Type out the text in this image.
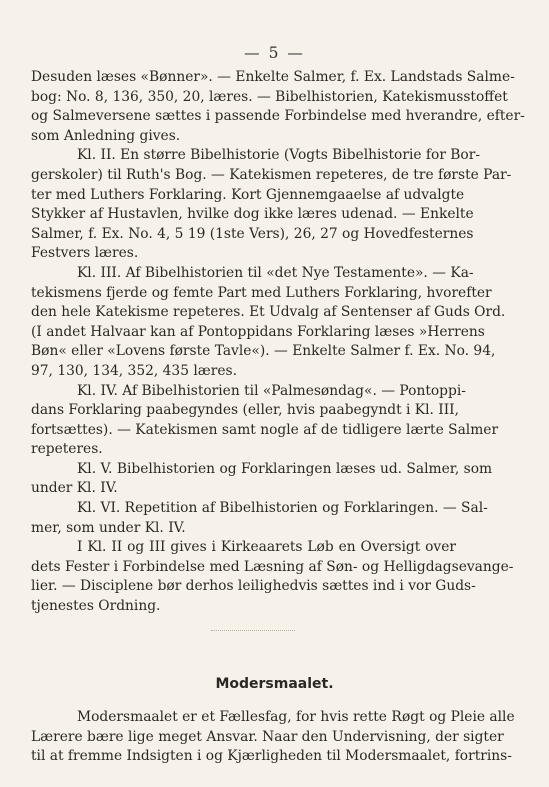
— 5 —
Desuden læses «Bønner». — Enkelte Salmer, f. Ex. Landstads Salme-
bog: No. 8, 136, 350, 20, læres. — Bibelhistorien, Katekismusstoffet
og Salmeversene sættes i passende Forbindelse med hverandre, efter-
som Anledning gives.
Kl. II. En større Bibelhistorie (Vogts Bibelhistorie for Bor-
gerskoler) til Ruth's Bog. — Katekismen repeteres, de tre første Par-
ter med Luthers Forklaring. Kort Gjennemgaaelse af udvalgte
Stykker af Hustavlen, hvilke dog ikke læres udenad. — Enkelte
Salmer, f. Ex. No. 4, 5 19 (1ste Vers), 26, 27 og Hovedfesternes
Festvers læres.
Kl. III. Af Bibelhistorien til «det Nye Testamente». — Ka-
tekismens fjerde og femte Part med Luthers Forklaring, hvorefter
den hele Katekisme repeteres. Et Udvalg af Sentenser af Guds Ord.
(I andet Halvaar kan af Pontoppidans Forklaring læses »Herrens
Bøn« eller «Lovens første Tavle«). — Enkelte Salmer f. Ex. No. 94,
97, 130, 134, 352, 435 læres.
Kl. IV. Af Bibelhistorien til «Palmesøndag«. — Pontoppi-
dans Forklaring paabegyndes (eller, hvis paabegyndt i Kl. III,
fortsættes). — Katekismen samt nogle af de tidligere lærte Salmer
repeteres.
Kl. V. Bibelhistorien og Forklaringen læses ud. Salmer, som
under Kl. IV.
Kl. VI. Repetition af Bibelhistorien og Forklaringen. — Sal-
mer, som under Kl. IV.
I Kl. II og III gives i Kirkeaarets Løb en Oversigt over
dets Fester i Forbindelse med Læsning af Søn- og Helligdagsevange-
lier. — Disciplene bør derhos leilighedvis sættes ind i vor Guds-
tjenestes Ordning.
Modersmaalet.
Modersmaalet er et Fællesfag, for hvis rette Røgt og Pleie alle
Lærere bære lige meget Ansvar. Naar den Undervisning, der sigter
til at fremme Indsigten i og Kjærligheden til Modersmaalet, fortrins-
